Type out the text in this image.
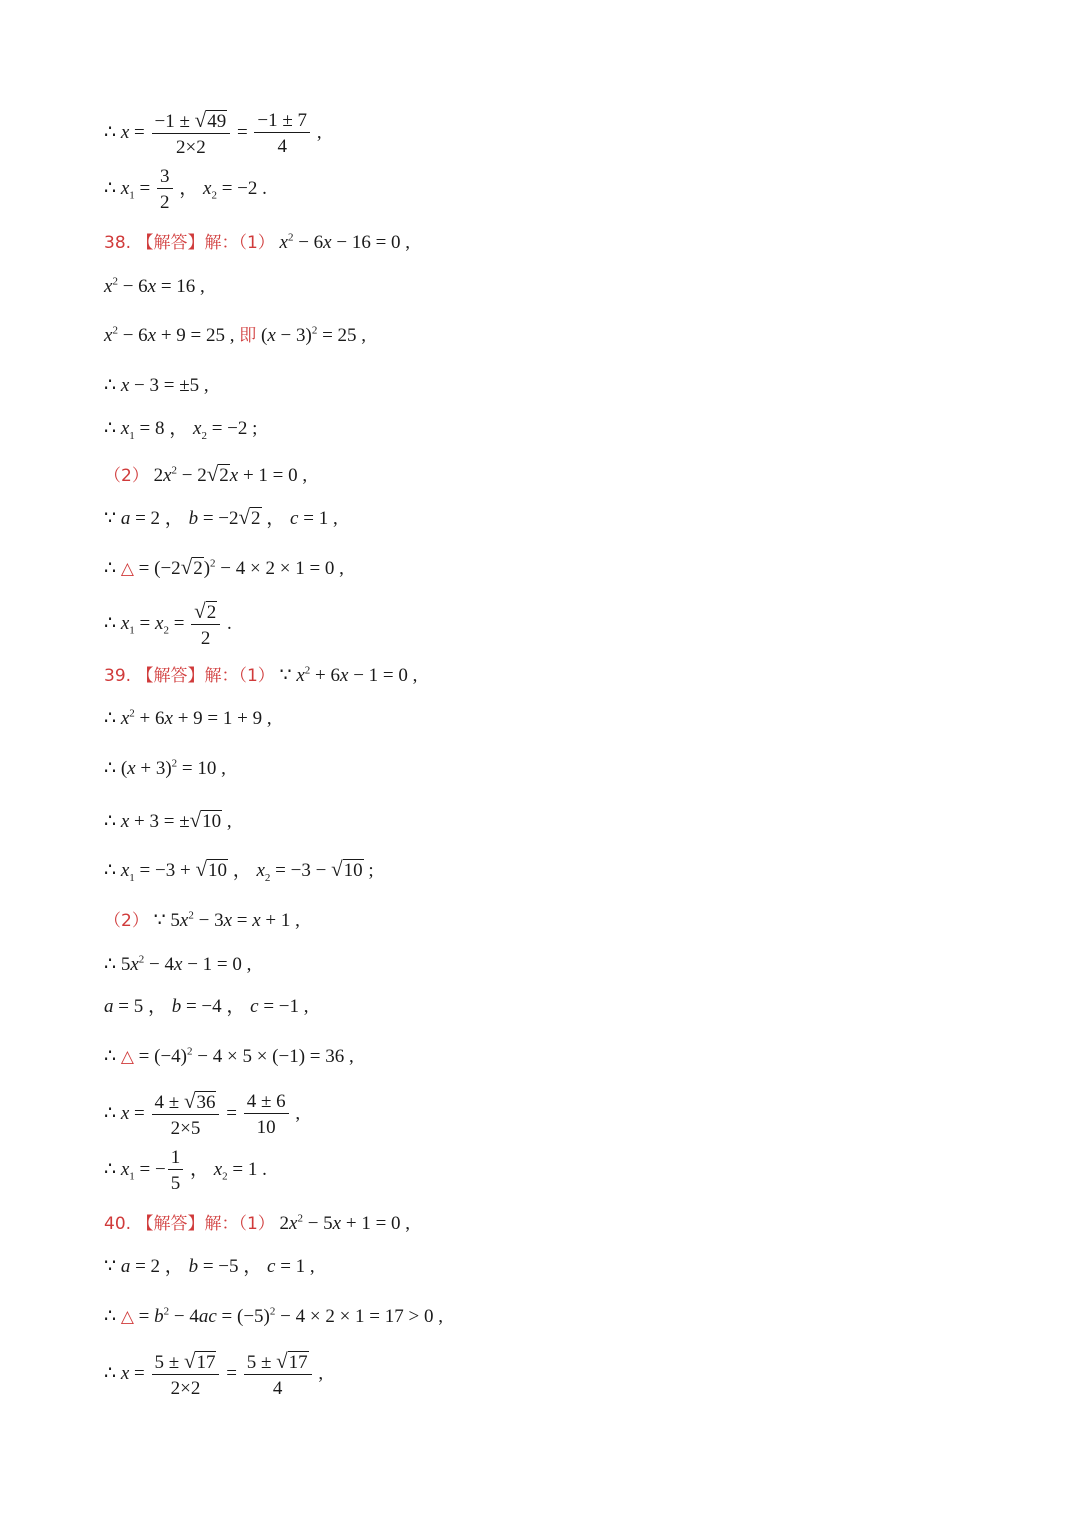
∴ $x = \frac{-1 \pm √49}{2\times 2} = \frac{-1 \pm 7}{4}$ ,
∴ $x_1 = \frac{3}{2}$ ， $x_2 = -2$ .
38. 【解答】解：（1） $x^2 - 6x - 16 = 0$ ,
$x^2 - 6x = 16$ ,
$x^2 - 6x + 9 = 25$ , 即 $(x - 3)^2 = 25$ ,
∴ x − 3 = ±5 ,
∴ $x_1 = 8$ ， $x_2 = -2$ ;
（2） $2x^2 - 2√2x + 1 = 0$ ,
∵ a = 2 ， b = −2√2 ， c = 1 ,
∴ △ = $(-2√2)^2 - 4 \times 2 \times 1 = 0$ ,
∴ $x_1 = x_2 = \frac{√2}{2}$ .
39. 【解答】解：（1） ∵ $x^2 + 6x - 1 = 0$ ,
∴ $x^2 + 6x + 9 = 1 + 9$ ,
∴ $(x + 3)^2 = 10$ ,
∴ x + 3 = ±√10 ,
∴ $x_1 = -3 + √10$ ， $x_2 = -3 - √10$ ;
（2） ∵ $5x^2 - 3x = x + 1$ ,
∴ $5x^2 - 4x - 1 = 0$ ,
a = 5 ， b = −4 ， c = −1 ,
∴ △ = $(-4)^2 - 4 \times 5 \times (-1) = 36$ ,
∴ $x = \frac{4 \pm √36}{2\times 5} = \frac{4 \pm 6}{10}$ ,
∴ $x_1$ = − $\frac{1}{5}$ ， $x_2 = 1$ .
40. 【解答】解：（1） $2x^2 - 5x + 1 = 0$ ,
∵ a = 2 ， b = −5 ， c = 1 ,
∴ △ = $b^2 - 4ac = (-5)^2 - 4 \times 2 \times 1 = 17 > 0$ ,
∴ $x = \frac{5 \pm √17}{2\times 2} = \frac{5 \pm √17}{4}$ ,
